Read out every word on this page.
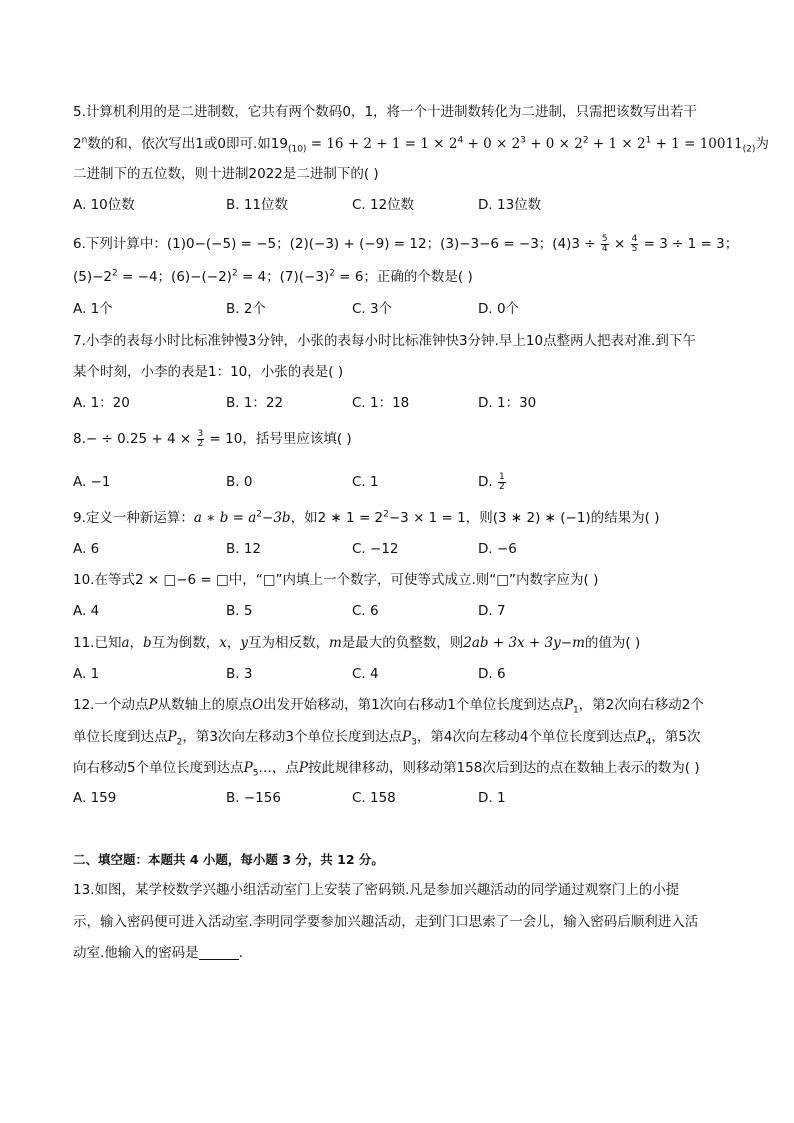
5.计算机利用的是二进制数，它共有两个数码0，1，将一个十进制数转化为二进制，只需把该数写出若干
2$^n$数的和，依次写出1或0即可.如$19_{(10)} = 16 + 2 + 1 = 1 \times 2^4 + 0 \times 2^3 + 0 \times 2^2 + 1 \times 2^1 + 1 = 10011_{(2)}$为
二进制下的五位数，则十进制2022是二进制下的( )
A. 10位数	B. 11位数	C. 12位数	D. 13位数
6.下列计算中：(1)0−(−5) = −5；(2)(−3) + (−9) = 12；(3)−3−6 = −3；$(4)3 \div \frac{5}{4} \times \frac{4}{5} = 3 \div 1 = 3$；
$(5)-2^2 = -4$；$(6)-(-2)^2 = 4$；$(7)(-3)^2 = 6$；正确的个数是( )
A. 1个	B. 2个	C. 3个	D. 0个
7.小李的表每小时比标准钟慢3分钟，小张的表每小时比标准钟快3分钟.早上10点整两人把表对准.到下午
某个时刻，小李的表是1：10，小张的表是( )
A. 1：20	B. 1：22	C. 1：18	D. 1：30
$8.- \div 0.25 + 4 \times \frac{3}{2} = 10$，括号里应该填( )
A. −1	B. 0	C. 1	D. $\frac{1}{2}$
9.定义一种新运算：a ∗ $b = a^2-3b$，如2 ∗ $1 = 2^2-3 \times 1 = 1$，则(3 ∗ 2) ∗ (−1)的结果为( )
A. 6	B. 12	C. −12	D. −6
10.在等式2 × □−6 = □中，“□”内填上一个数字，可使等式成立.则“□”内数字应为( )
A. 4	B. 5	C. 6	D. 7
11.已知a，b互为倒数，x，y互为相反数，m是最大的负整数，则2ab + 3x + 3y−m的值为( )
A. 1	B. 3	C. 4	D. 6
12.一个动点P从数轴上的原点O出发开始移动，第1次向右移动1个单位长度到达点$P_1$，第2次向右移动2个
单位长度到达点$P_2$，第3次向左移动3个单位长度到达点$P_3$，第4次向左移动4个单位长度到达点$P_4$，第5次
向右移动5个单位长度到达点$P_5\dots$，点P按此规律移动，则移动第158次后到达的点在数轴上表示的数为( )
A. 159	B. −156	C. 158	D. 1
二、填空题：本题共 4 小题，每小题 3 分，共 12 分。
13.如图，某学校数学兴趣小组活动室门上安装了密码锁.凡是参加兴趣活动的同学通过观察门上的小提
示，输入密码便可进入活动室.李明同学要参加兴趣活动，走到门口思索了一会儿，输入密码后顺利进入活
动室.他输入的密码是	.
